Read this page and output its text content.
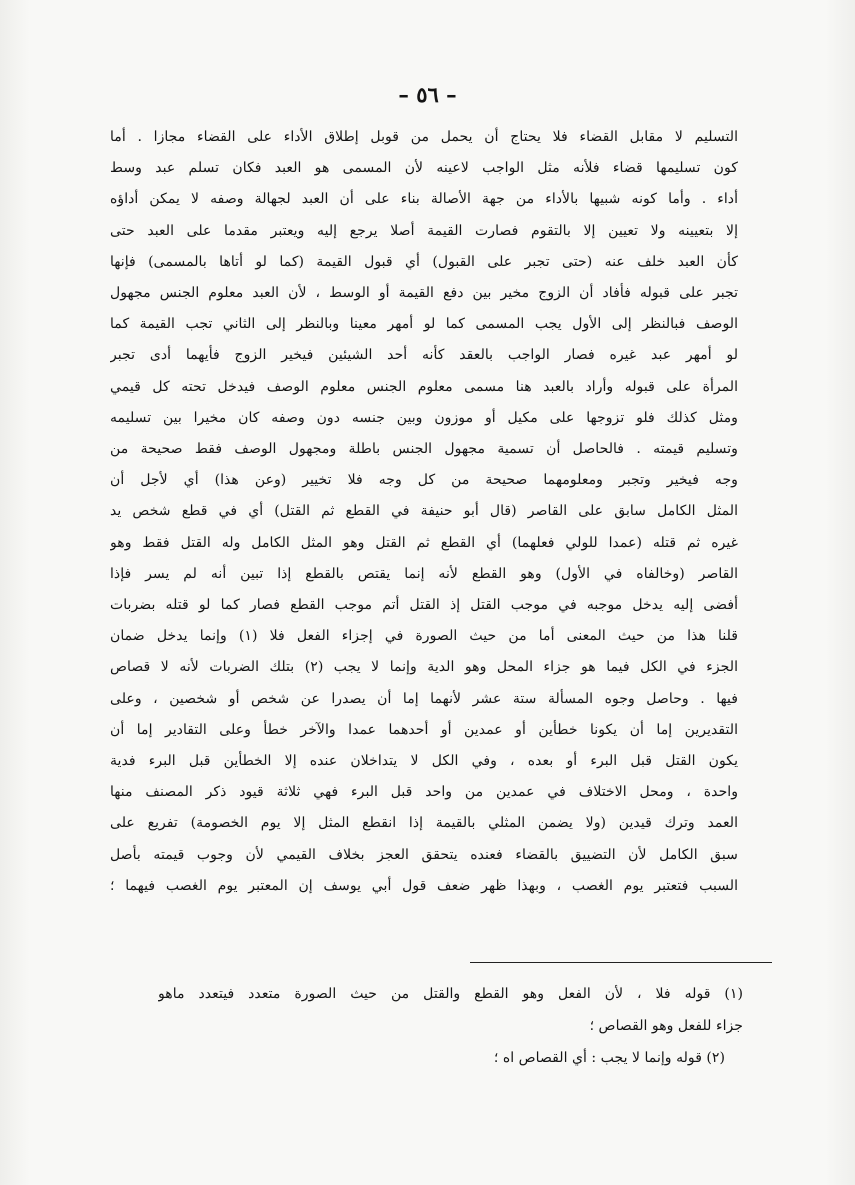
– ٥٦ –
التسليم لا مقابل القضاء فلا يحتاج أن يحمل من قوبل إطلاق الأداء على القضاء مجازا . أما
كون تسليمها قضاء فلأنه مثل الواجب لاعينه لأن المسمى هو العبد فكان تسلم عبد وسط
أداء . وأما كونه شبيها بالأداء من جهة الأصالة بناء على أن العبد لجهالة وصفه لا يمكن أداؤه
إلا بتعيينه ولا تعيين إلا بالتقوم فصارت القيمة أصلا يرجع إليه ويعتبر مقدما على العبد حتى
كأن العبد خلف عنه (حتى تجبر على القبول) أي قبول القيمة (كما لو أتاها بالمسمى) فإنها
تجبر على قبوله فأفاد أن الزوج مخير بين دفع القيمة أو الوسط ، لأن العبد معلوم الجنس مجهول
الوصف فبالنظر إلى الأول يجب المسمى كما لو أمهر معينا وبالنظر إلى الثاني تجب القيمة كما
لو أمهر عبد غيره فصار الواجب بالعقد كأنه أحد الشيئين فيخير الزوج فأيهما أدى تجبر
المرأة على قبوله وأراد بالعبد هنا مسمى معلوم الجنس معلوم الوصف فيدخل تحته كل قيمي
ومثل كذلك فلو تزوجها على مكيل أو موزون وبين جنسه دون وصفه كان مخيرا بين تسليمه
وتسليم قيمته . فالحاصل أن تسمية مجهول الجنس باطلة ومجهول الوصف فقط صحيحة من
وجه فيخير وتجبر ومعلومهما صحيحة من كل وجه فلا تخيير (وعن هذا) أي لأجل أن
المثل الكامل سابق على القاصر (قال أبو حنيفة في القطع ثم القتل) أي في قطع شخص يد
غيره ثم قتله (عمدا للولي فعلهما) أي القطع ثم القتل وهو المثل الكامل وله القتل فقط وهو
القاصر (وخالفاه في الأول) وهو القطع لأنه إنما يقتص بالقطع إذا تبين أنه لم يسر فإذا
أفضى إليه يدخل موجبه في موجب القتل إذ القتل أتم موجب القطع فصار كما لو قتله بضربات
قلنا هذا من حيث المعنى أما من حيث الصورة في إجزاء الفعل فلا (١) وإنما يدخل ضمان
الجزء في الكل فيما هو جزاء المحل وهو الدية وإنما لا يجب (٢) بتلك الضربات لأنه لا قصاص
فيها . وحاصل وجوه المسألة ستة عشر لأنهما إما أن يصدرا عن شخص أو شخصين ، وعلى
التقديرين إما أن يكونا خطأين أو عمدين أو أحدهما عمدا والآخر خطأ وعلى التقادير إما أن
يكون القتل قبل البرء أو بعده ، وفي الكل لا يتداخلان عنده إلا الخطأين قبل البرء فدية
واحدة ، ومحل الاختلاف في عمدين من واحد قبل البرء فهي ثلاثة قيود ذكر المصنف منها
العمد وترك قيدين (ولا يضمن المثلي بالقيمة إذا انقطع المثل إلا يوم الخصومة) تفريع على
سبق الكامل لأن التضييق بالقضاء فعنده يتحقق العجز بخلاف القيمي لأن وجوب قيمته بأصل
السبب فتعتبر يوم الغصب ، وبهذا ظهر ضعف قول أبي يوسف إن المعتبر يوم الغصب فيهما ؛
(١) قوله فلا ، لأن الفعل وهو القطع والقتل من حيث الصورة متعدد فيتعدد ماهو
جزاء للفعل وهو القصاص ؛
(٢) قوله وإنما لا يجب : أي القصاص اه ؛
